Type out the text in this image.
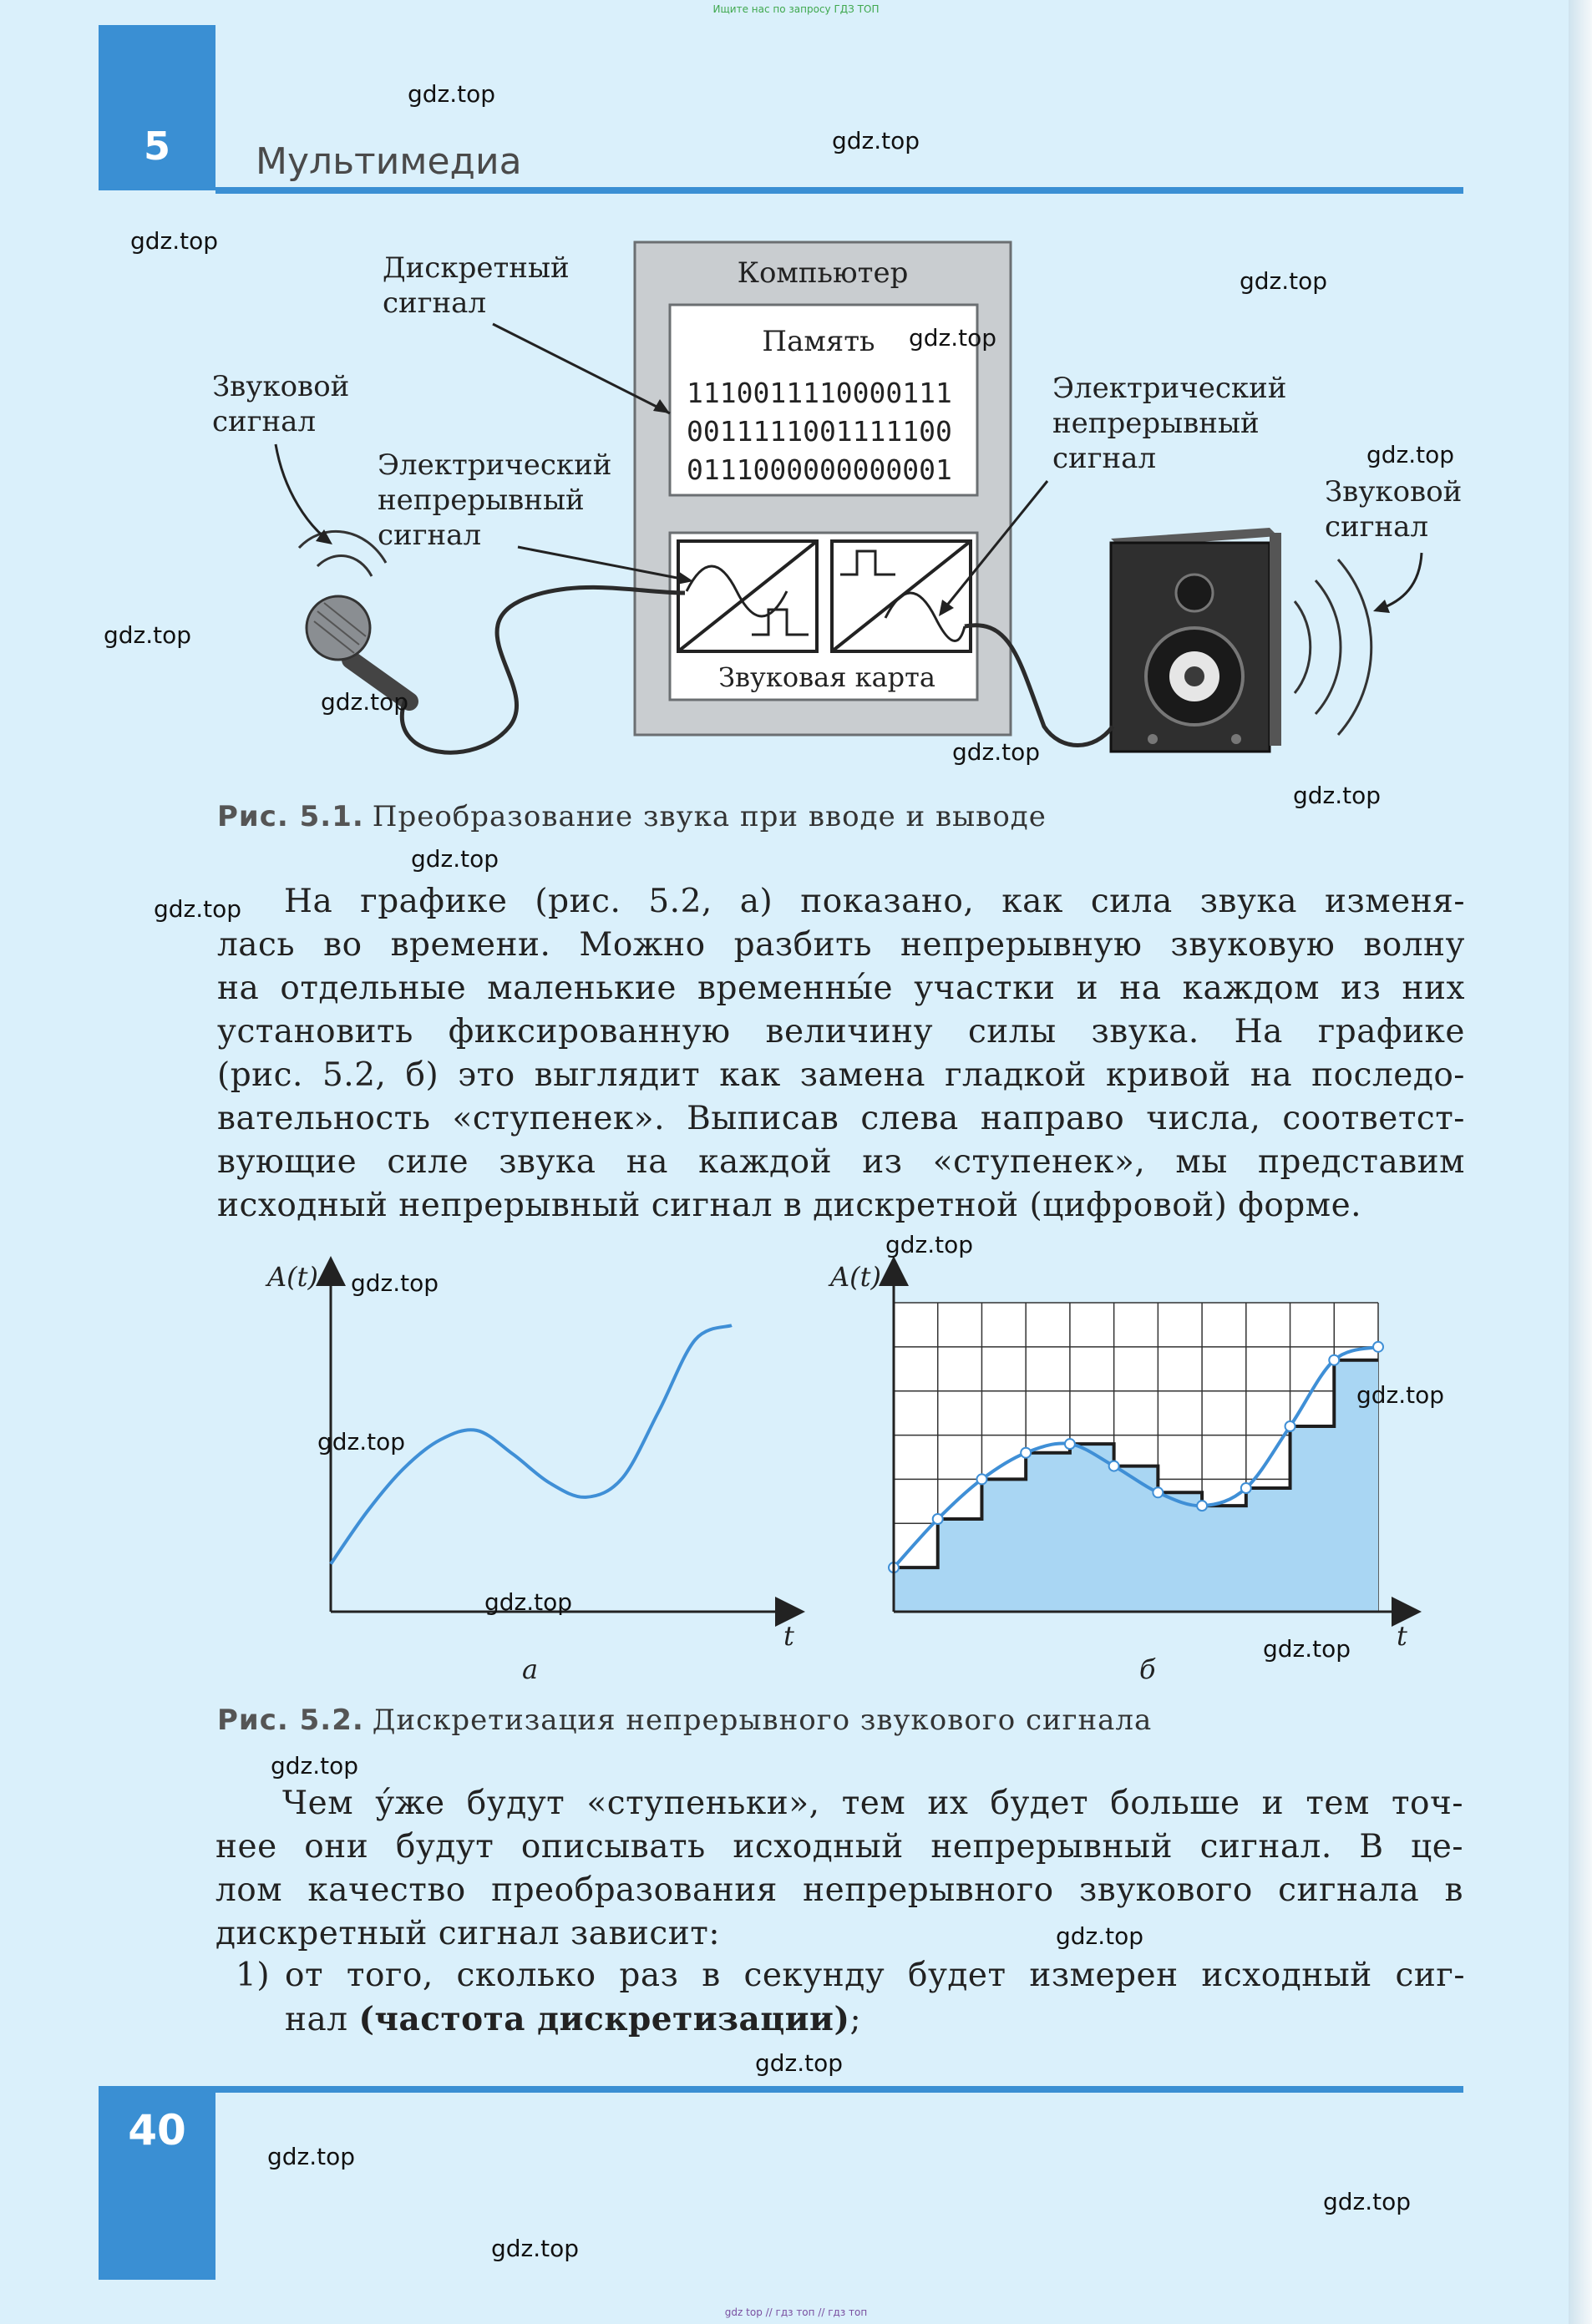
Ищите нас по запросу ГДЗ ТОП
5	Мультимедиа
Компьютер
Память
1110011110000111
0011111001111100
0111000000000001
Звуковая карта
Дискретный
сигнал
Звуковой
сигнал
Электрический
непрерывный
сигнал
Электрический
непрерывный
сигнал
Звуковой
сигнал
Рис. 5.1. Преобразование звука при вводе и выводе
На графике (рис. 5.2, а) показано, как сила звука изменя-
лась во времени. Можно разбить непрерывную звуковую волну
на отдельные маленькие временны́е участки и на каждом из них
установить фиксированную величину силы звука. На графике
(рис. 5.2, б) это выглядит как замена гладкой кривой на последо-
вательность «ступенек». Выписав слева направо числа, соответст-
вующие силе звука на каждой из «ступенек», мы представим
исходный непрерывный сигнал в дискретной (цифровой) форме.
A(t)
t
а
A(t)
t
б
Рис. 5.2. Дискретизация непрерывного звукового сигнала
Чем у́же будут «ступеньки», тем их будет больше и тем точ-
нее они будут описывать исходный непрерывный сигнал. В це-
лом качество преобразования непрерывного звукового сигнала в
дискретный сигнал зависит:
1) от того, сколько раз в секунду будет измерен исходный сиг-
нал (частота дискретизации);
40
gdz.top
gdz.top
gdz.top
gdz.top
gdz.top
gdz.top
gdz.top
gdz.top
gdz.top
gdz.top
gdz.top
gdz.top
gdz.top
gdz.top
gdz.top
gdz.top
gdz.top
gdz.top
gdz.top
gdz.top
gdz.top
gdz.top
gdz.top
gdz.top
gdz top // гдз топ // гдз топ
